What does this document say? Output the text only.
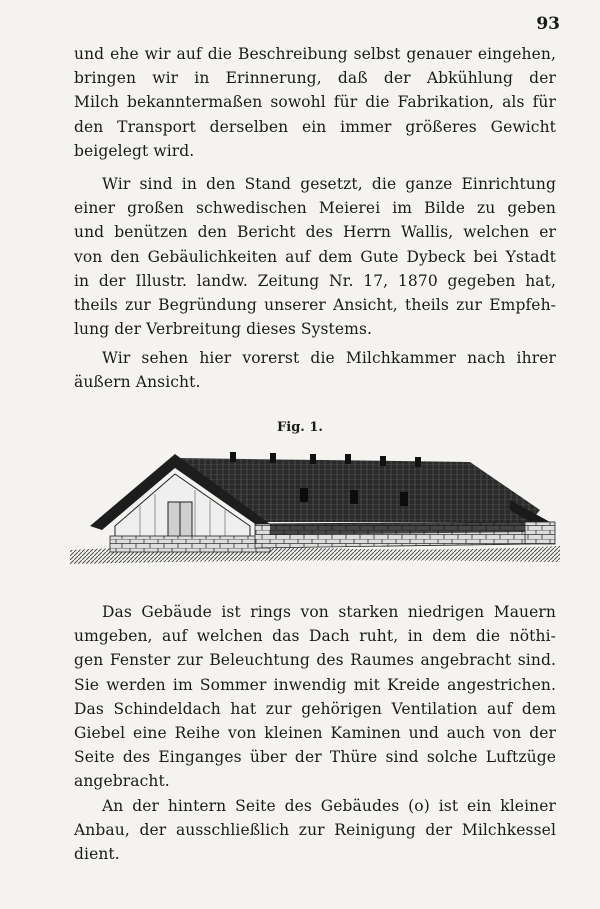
93
und ehe wir auf die Beschreibung selbst genauer eingehen,
bringen wir in Erinnerung, daß der Abkühlung der
Milch bekanntermaßen sowohl für die Fabrikation, als für
den Transport derselben ein immer größeres Gewicht
beigelegt wird.
Wir sind in den Stand gesetzt, die ganze Einrichtung
einer großen schwedischen Meierei im Bilde zu geben
und benützen den Bericht des Herrn Wallis, welchen er
von den Gebäulichkeiten auf dem Gute Dybeck bei Ystadt
in der Illustr. landw. Zeitung Nr. 17, 1870 gegeben hat,
theils zur Begründung unserer Ansicht, theils zur Empfeh-
lung der Verbreitung dieses Systems.
Wir sehen hier vorerst die Milchkammer nach ihrer
äußern Ansicht.
Fig. 1.
Das Gebäude ist rings von starken niedrigen Mauern
umgeben, auf welchen das Dach ruht, in dem die nöthi-
gen Fenster zur Beleuchtung des Raumes angebracht sind.
Sie werden im Sommer inwendig mit Kreide angestrichen.
Das Schindeldach hat zur gehörigen Ventilation auf dem
Giebel eine Reihe von kleinen Kaminen und auch von der
Seite des Einganges über der Thüre sind solche Luftzüge
angebracht.
An der hintern Seite des Gebäudes (o) ist ein kleiner
Anbau, der ausschließlich zur Reinigung der Milchkessel
dient.
